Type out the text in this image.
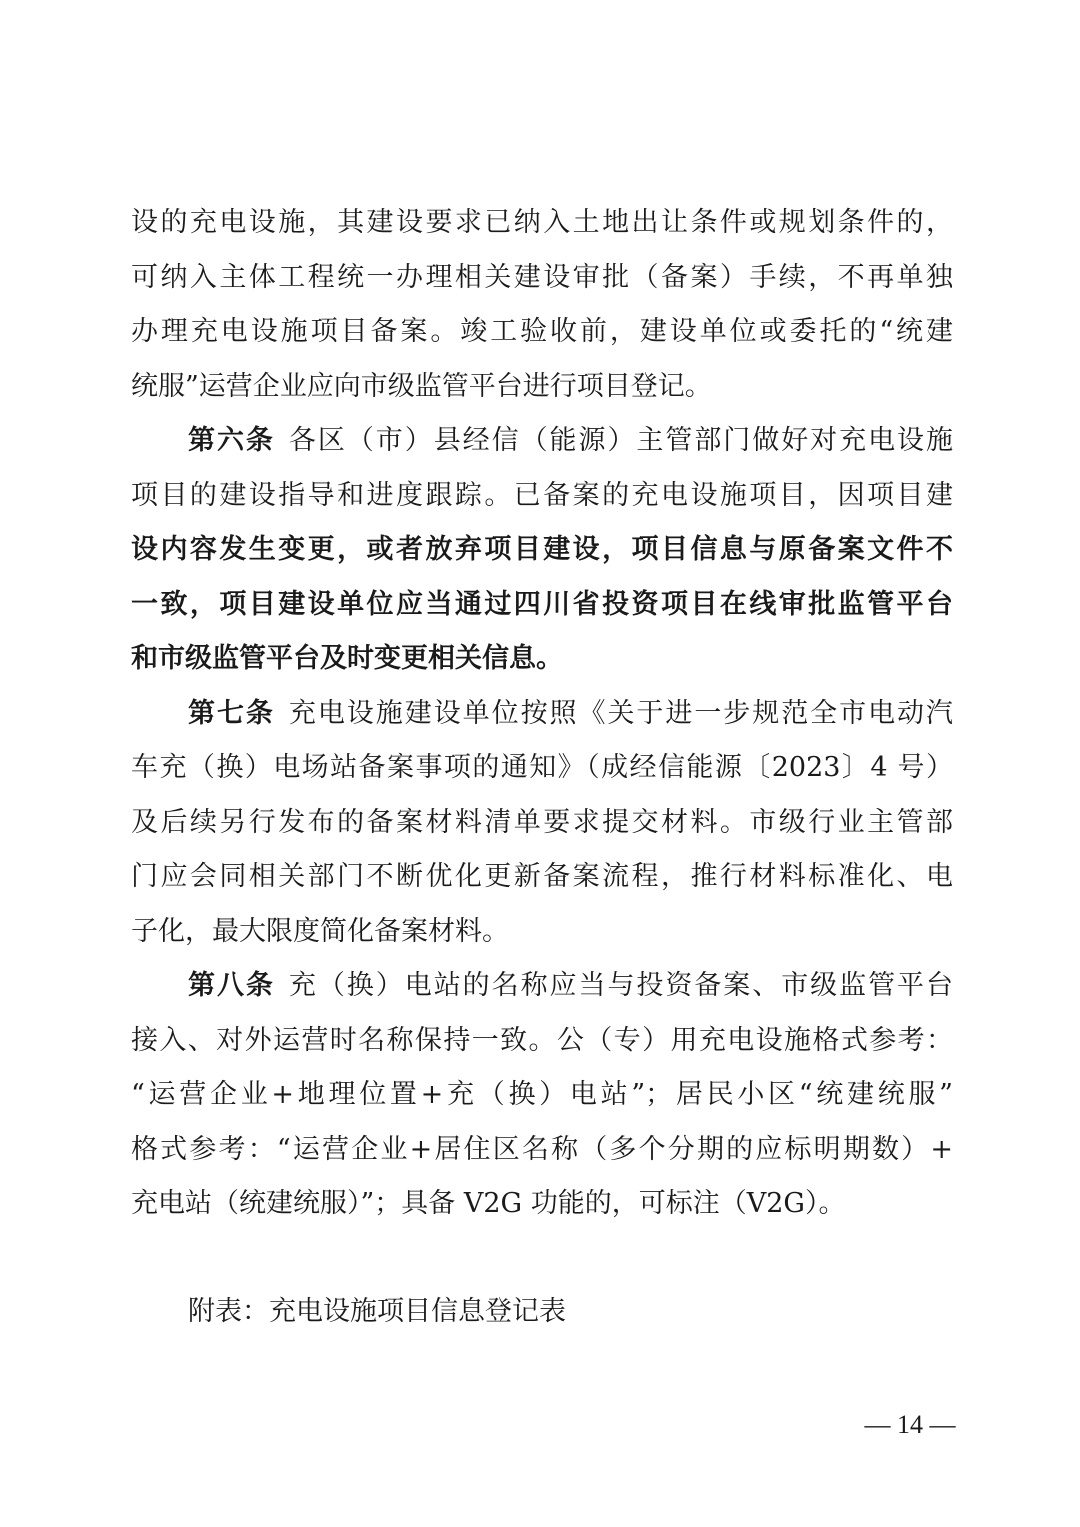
设的充电设施，其建设要求已纳入土地出让条件或规划条件的，
可纳入主体工程统一办理相关建设审批（备案）手续，不再单独
办理充电设施项目备案。竣工验收前，建设单位或委托的“统建
统服”运营企业应向市级监管平台进行项目登记。
第六条 各区（市）县经信（能源）主管部门做好对充电设施
项目的建设指导和进度跟踪。已备案的充电设施项目，因项目建
设内容发生变更，或者放弃项目建设，项目信息与原备案文件不
一致，项目建设单位应当通过四川省投资项目在线审批监管平台
和市级监管平台及时变更相关信息。
第七条 充电设施建设单位按照《关于进一步规范全市电动汽
车充（换）电场站备案事项的通知》（成经信能源〔2023〕4 号）
及后续另行发布的备案材料清单要求提交材料。市级行业主管部
门应会同相关部门不断优化更新备案流程，推行材料标准化、电
子化，最大限度简化备案材料。
第八条 充（换）电站的名称应当与投资备案、市级监管平台
接入、对外运营时名称保持一致。公（专）用充电设施格式参考：
“运营企业+地理位置+充（换）电站”；居民小区“统建统服”
格式参考：“运营企业+居住区名称（多个分期的应标明期数）+
充电站（统建统服）”；具备 V2G 功能的，可标注（V2G）。
附表：充电设施项目信息登记表
— 14 —
